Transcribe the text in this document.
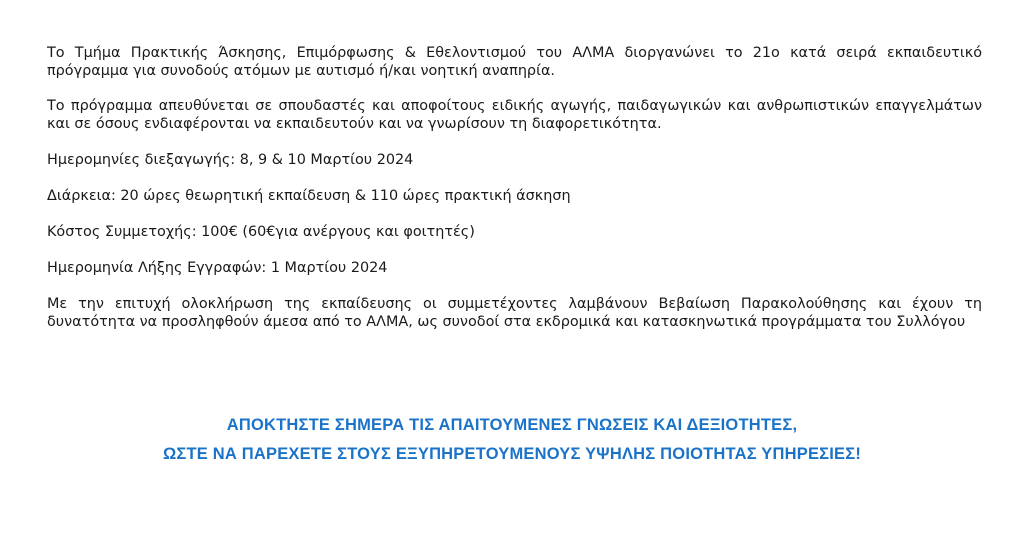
Το Τμήμα Πρακτικής Άσκησης, Επιμόρφωσης & Εθελοντισμού του ΑΛΜΑ διοργανώνει το 21ο κατά σειρά εκπαιδευτικό πρόγραμμα για συνοδούς ατόμων με αυτισμό ή/και νοητική αναπηρία.

Το πρόγραμμα απευθύνεται σε σπουδαστές και αποφοίτους ειδικής αγωγής, παιδαγωγικών και ανθρωπιστικών επαγγελμάτων και σε όσους ενδιαφέρονται να εκπαιδευτούν και να γνωρίσουν τη διαφορετικότητα.

Ημερομηνίες διεξαγωγής: 8, 9 & 10 Μαρτίου 2024

Διάρκεια: 20 ώρες θεωρητική εκπαίδευση & 110 ώρες πρακτική άσκηση

Κόστος Συμμετοχής: 100€ (60€για ανέργους και φοιτητές)

Ημερομηνία Λήξης Εγγραφών: 1 Μαρτίου 2024

Με την επιτυχή ολοκλήρωση της εκπαίδευσης οι συμμετέχοντες λαμβάνουν Βεβαίωση Παρακολούθησης και έχουν τη δυνατότητα να προσληφθούν άμεσα από το ΑΛΜΑ, ως συνοδοί στα εκδρομικά και κατασκηνωτικά προγράμματα του Συλλόγου

ΑΠΟΚΤΗΣΤΕ ΣΗΜΕΡΑ ΤΙΣ ΑΠΑΙΤΟΥΜΕΝΕΣ ΓΝΩΣΕΙΣ ΚΑΙ ΔΕΞΙΟΤΗΤΕΣ,
ΩΣΤΕ ΝΑ ΠΑΡΕΧΕΤΕ ΣΤΟΥΣ ΕΞΥΠΗΡΕΤΟΥΜΕΝΟΥΣ ΥΨΗΛΗΣ ΠΟΙΟΤΗΤΑΣ ΥΠΗΡΕΣΙΕΣ!
